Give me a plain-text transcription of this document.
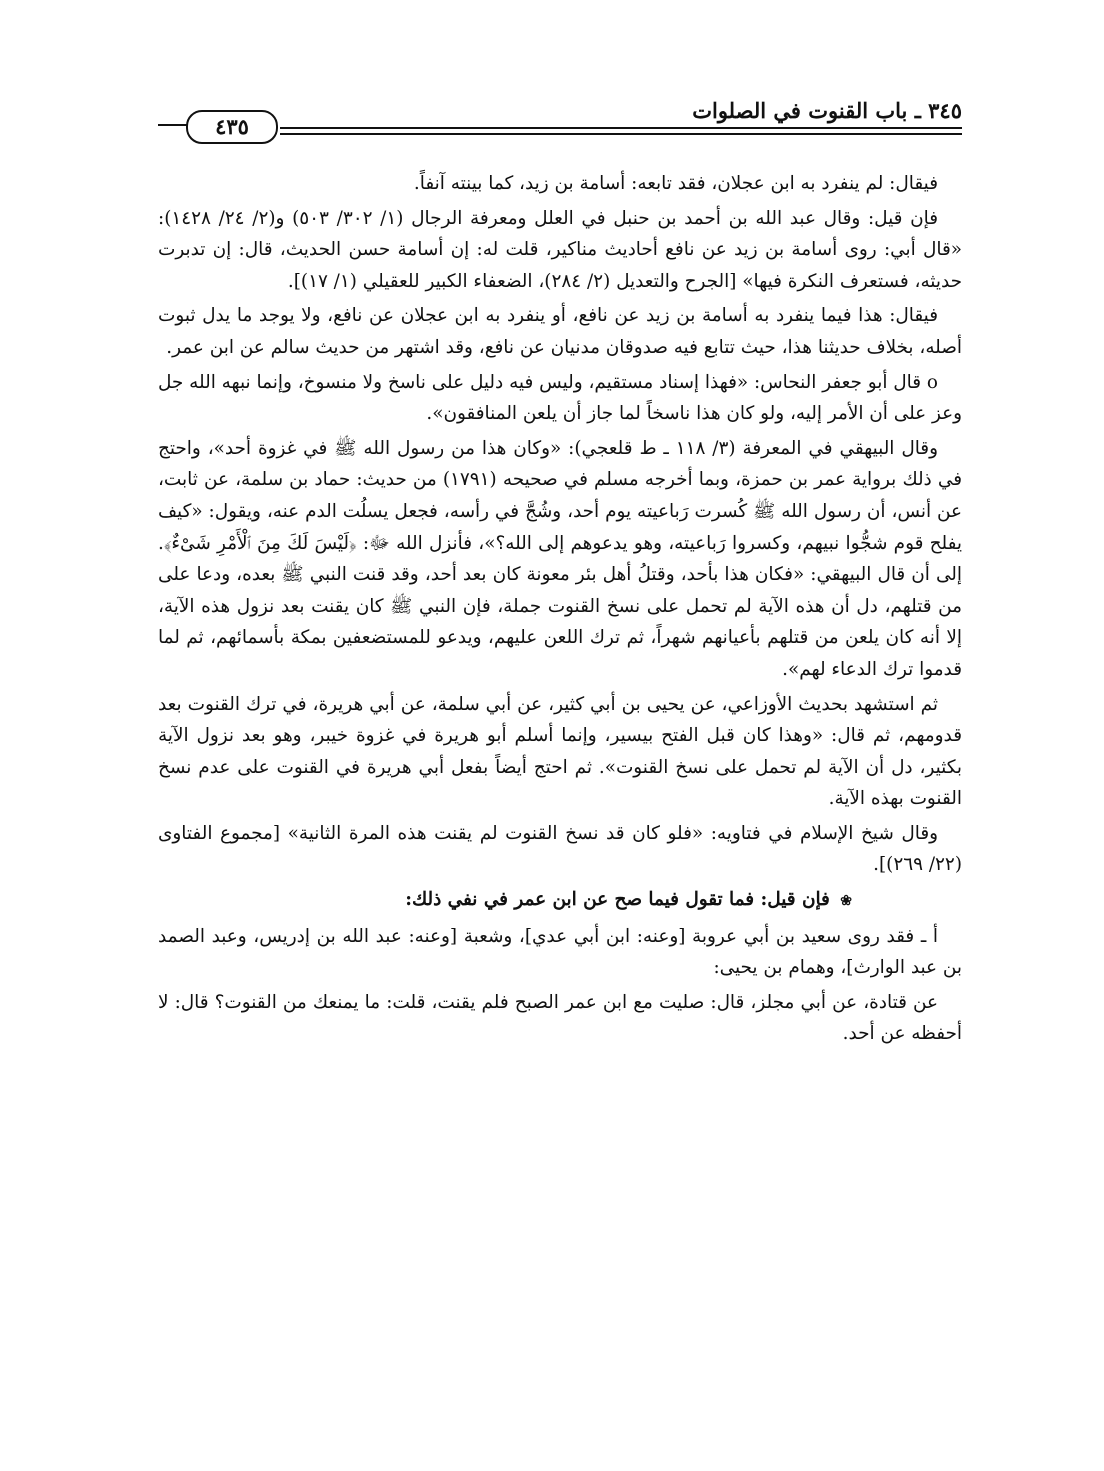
٣٤٥ ـ باب القنوت في الصلوات
٤٣٥

فيقال: لم ينفرد به ابن عجلان، فقد تابعه: أسامة بن زيد، كما بينته آنفاً.

فإن قيل: وقال عبد الله بن أحمد بن حنبل في العلل ومعرفة الرجال (١/ ٣٠٢/ ٥٠٣) و(٢/ ٢٤/ ١٤٢٨): «قال أبي: روى أسامة بن زيد عن نافع أحاديث مناكير، قلت له: إن أسامة حسن الحديث، قال: إن تدبرت حديثه، فستعرف النكرة فيها» [الجرح والتعديل (٢/ ٢٨٤)، الضعفاء الكبير للعقيلي (١/ ١٧)].

فيقال: هذا فيما ينفرد به أسامة بن زيد عن نافع، أو ينفرد به ابن عجلان عن نافع، ولا يوجد ما يدل ثبوت أصله، بخلاف حديثنا هذا، حيث تتابع فيه صدوقان مدنيان عن نافع، وقد اشتهر من حديث سالم عن ابن عمر.

o قال أبو جعفر النحاس: «فهذا إسناد مستقيم، وليس فيه دليل على ناسخ ولا منسوخ، وإنما نبهه الله جل وعز على أن الأمر إليه، ولو كان هذا ناسخاً لما جاز أن يلعن المنافقون».

وقال البيهقي في المعرفة (٣/ ١١٨ ـ ط قلعجي): «وكان هذا من رسول الله ﷺ في غزوة أحد»، واحتج في ذلك برواية عمر بن حمزة، وبما أخرجه مسلم في صحيحه (١٧٩١) من حديث: حماد بن سلمة، عن ثابت، عن أنس، أن رسول الله ﷺ كُسرت رَباعيته يوم أحد، وشُجَّ في رأسه، فجعل يسلُت الدم عنه، ويقول: «كيف يفلح قوم شجُّوا نبيهم، وكسروا رَباعيته، وهو يدعوهم إلى الله؟»، فأنزل الله ﷻ: ﴿لَيْسَ لَكَ مِنَ ٱلْأَمْرِ شَىْءٌ﴾. إلى أن قال البيهقي: «فكان هذا بأحد، وقتلُ أهل بئر معونة كان بعد أحد، وقد قنت النبي ﷺ بعده، ودعا على من قتلهم، دل أن هذه الآية لم تحمل على نسخ القنوت جملة، فإن النبي ﷺ كان يقنت بعد نزول هذه الآية، إلا أنه كان يلعن من قتلهم بأعيانهم شهراً، ثم ترك اللعن عليهم، ويدعو للمستضعفين بمكة بأسمائهم، ثم لما قدموا ترك الدعاء لهم».

ثم استشهد بحديث الأوزاعي، عن يحيى بن أبي كثير، عن أبي سلمة، عن أبي هريرة، في ترك القنوت بعد قدومهم، ثم قال: «وهذا كان قبل الفتح بيسير، وإنما أسلم أبو هريرة في غزوة خيبر، وهو بعد نزول الآية بكثير، دل أن الآية لم تحمل على نسخ القنوت». ثم احتج أيضاً بفعل أبي هريرة في القنوت على عدم نسخ القنوت بهذه الآية.

وقال شيخ الإسلام في فتاويه: «فلو كان قد نسخ القنوت لم يقنت هذه المرة الثانية» [مجموع الفتاوى (٢٢/ ٢٦٩)].

❀ فإن قيل: فما تقول فيما صح عن ابن عمر في نفي ذلك:

أ ـ فقد روى سعيد بن أبي عروبة [وعنه: ابن أبي عدي]، وشعبة [وعنه: عبد الله بن إدريس، وعبد الصمد بن عبد الوارث]، وهمام بن يحيى:

عن قتادة، عن أبي مجلز، قال: صليت مع ابن عمر الصبح فلم يقنت، قلت: ما يمنعك من القنوت؟ قال: لا أحفظه عن أحد.
